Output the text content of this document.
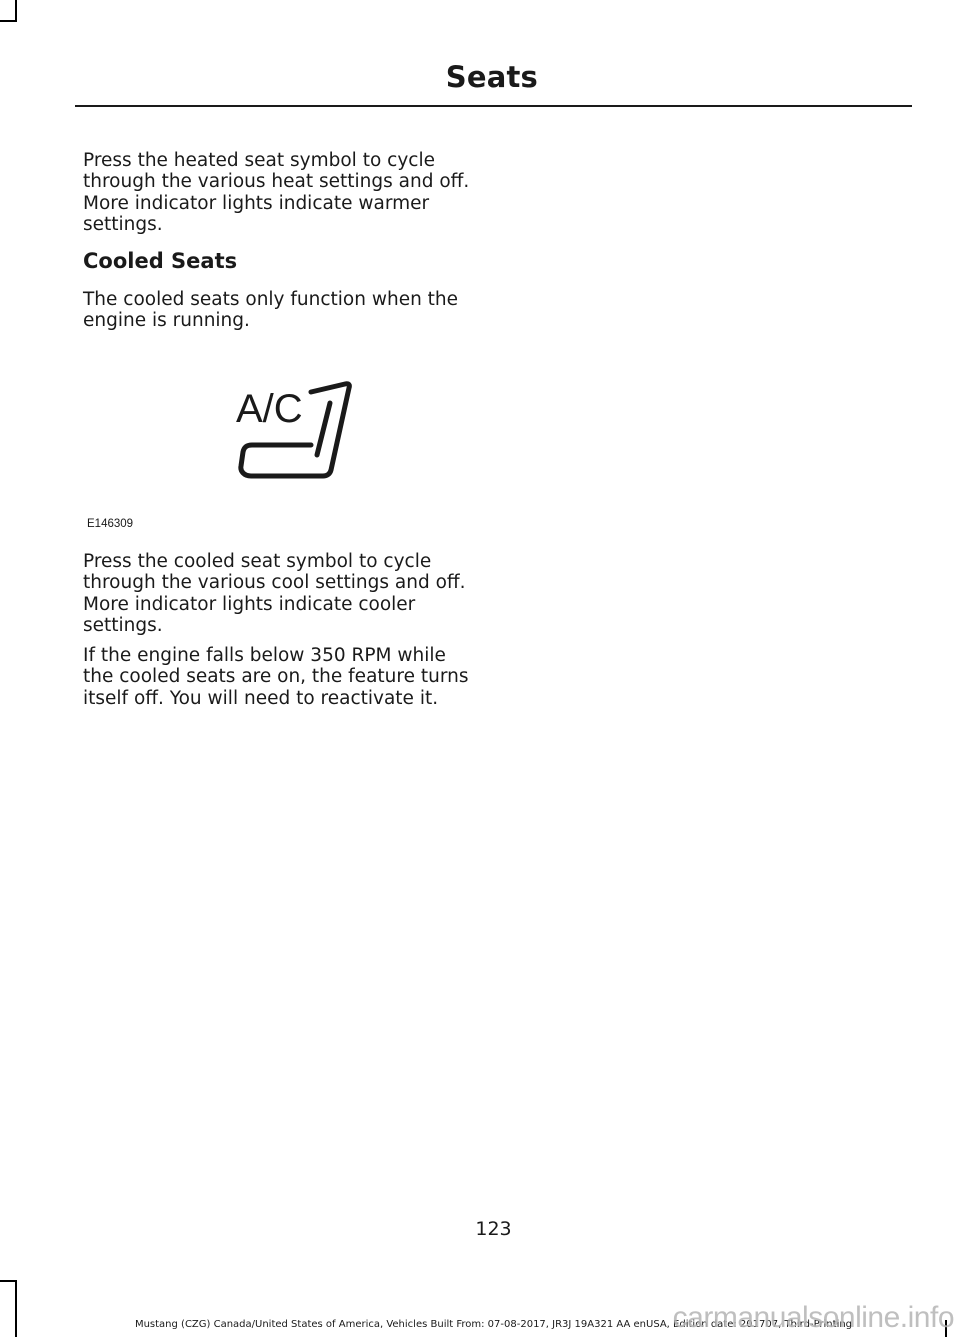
Seats

Press the heated seat symbol to cycle through the various heat settings and off. More indicator lights indicate warmer settings.

Cooled Seats

The cooled seats only function when the engine is running.

A/C
E146309

Press the cooled seat symbol to cycle through the various cool settings and off. More indicator lights indicate cooler settings.

If the engine falls below 350 RPM while the cooled seats are on, the feature turns itself off. You will need to reactivate it.

123
Mustang (CZG) Canada/United States of America, Vehicles Built From: 07-08-2017, JR3J 19A321 AA enUSA, Edition date: 201707, Third-Printing
carmanualsonline.info
